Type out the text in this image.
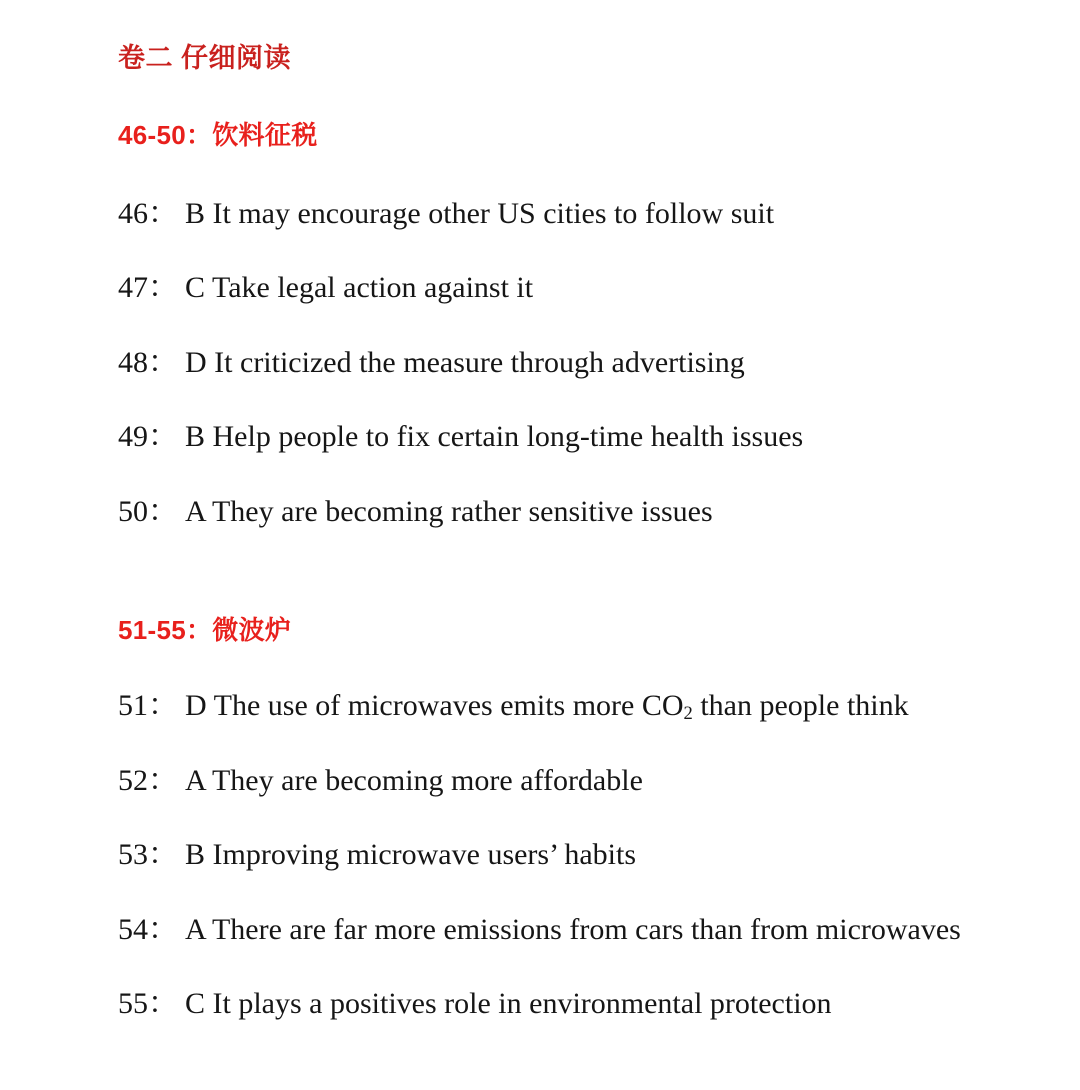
卷二 仔细阅读
46-50：饮料征税
46： B It may encourage other US cities to follow suit
47： C Take legal action against it
48： D It criticized the measure through advertising
49： B Help people to fix certain long-time health issues
50： A They are becoming rather sensitive issues
51-55：微波炉
51： D The use of microwaves emits more $CO_2$ than people think
52： A They are becoming more affordable
53： B Improving microwave users’ habits
54： A There are far more emissions from cars than from microwaves
55： C It plays a positives role in environmental protection
